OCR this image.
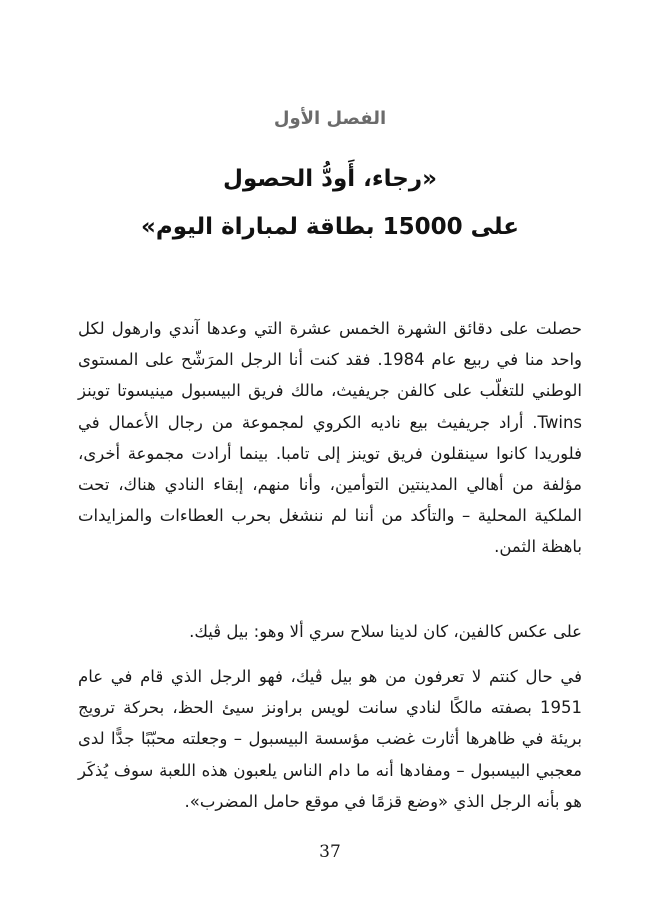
الفصل الأول
«رجاء، أَودُّ الحصول
على 15000 بطاقة لمباراة اليوم»

حصلت على دقائق الشهرة الخمس عشرة التي وعدها آندي وارهول لكل واحد منا في ربيع عام 1984. فقد كنت أنا الرجل المرَشّح على المستوى الوطني للتغلّب على كالفن جريفيث، مالك فريق البيسبول مينيسوتا توينز Twins. أراد جريفيث بيع ناديه الكروي لمجموعة من رجال الأعمال في فلوريدا كانوا سينقلون فريق توينز إلى تامبا. بينما أرادت مجموعة أخرى، مؤلفة من أهالي المدينتين التوأمين، وأنا منهم، إبقاء النادي هناك، تحت الملكية المحلية – والتأكد من أننا لم ننشغل بحرب العطاءات والمزايدات باهظة الثمن.

على عكس كالفين، كان لدينا سلاح سري ألا وهو: بيل ڤيك.

في حال كنتم لا تعرفون من هو بيل ڤيك، فهو الرجل الذي قام في عام 1951 بصفته مالكًا لنادي سانت لويس براونز سيئ الحظ، بحركة ترويج بريئة في ظاهرها أثارت غضب مؤسسة البيسبول – وجعلته محبّبًا جدًّا لدى معجبي البيسبول – ومفادها أنه ما دام الناس يلعبون هذه اللعبة سوف يُذكَر هو بأنه الرجل الذي «وضع قزمًا في موقع حامل المضرب».

37
